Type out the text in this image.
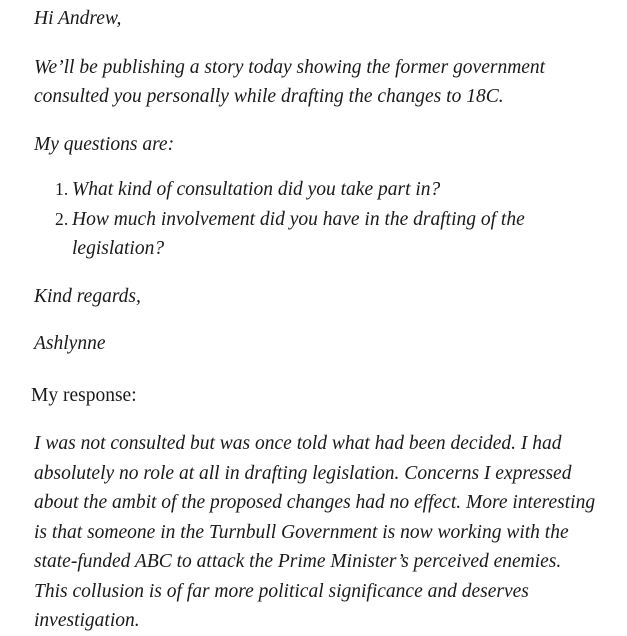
Hi Andrew,

We’ll be publishing a story today showing the former government consulted you personally while drafting the changes to 18C.

My questions are:

1. What kind of consultation did you take part in?
2. How much involvement did you have in the drafting of the legislation?

Kind regards,

Ashlynne

My response:

I was not consulted but was once told what had been decided. I had absolutely no role at all in drafting legislation. Concerns I expressed about the ambit of the proposed changes had no effect. More interesting is that someone in the Turnbull Government is now working with the state-funded ABC to attack the Prime Minister’s perceived enemies. This collusion is of far more political significance and deserves investigation.
